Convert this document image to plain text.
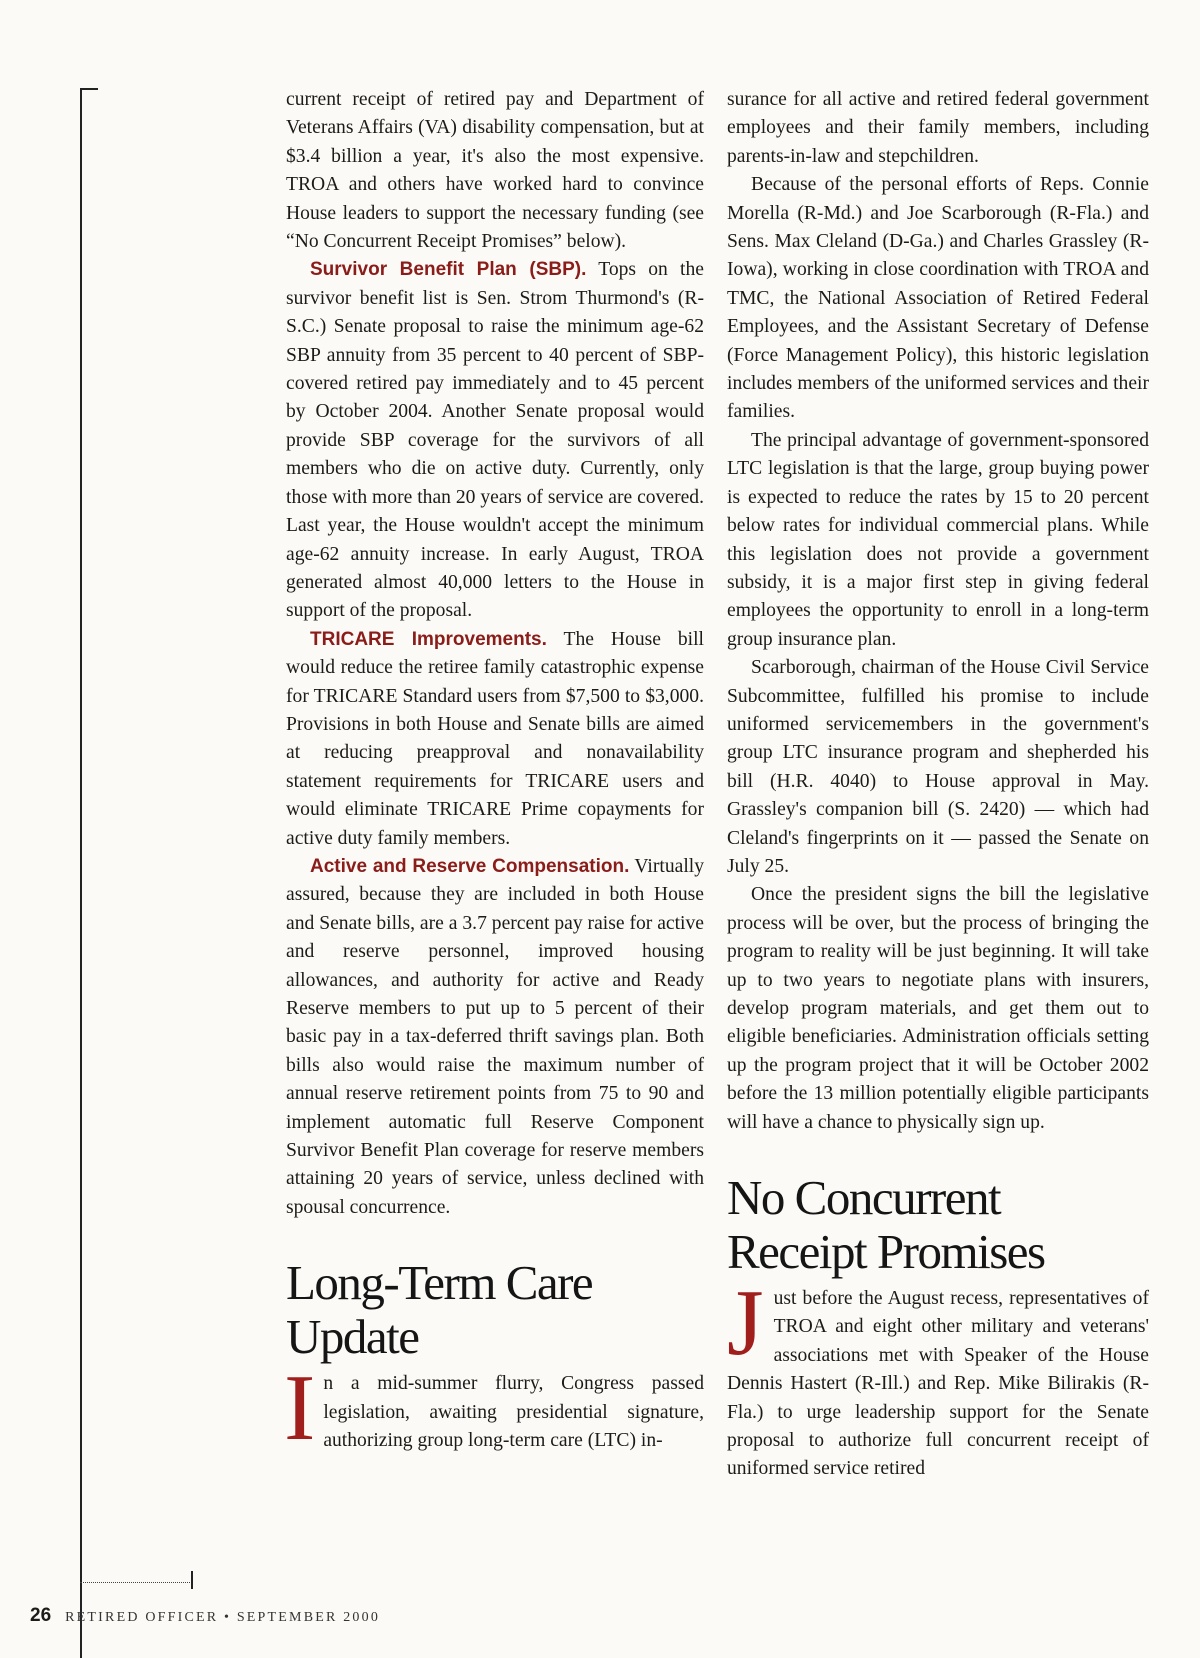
current receipt of retired pay and Department of Veterans Affairs (VA) disability compensation, but at $3.4 billion a year, it's also the most expensive. TROA and others have worked hard to convince House leaders to support the necessary funding (see “No Concurrent Receipt Promises” below).

Survivor Benefit Plan (SBP). Tops on the survivor benefit list is Sen. Strom Thurmond's (R-S.C.) Senate proposal to raise the minimum age-62 SBP annuity from 35 percent to 40 percent of SBP-covered retired pay immediately and to 45 percent by October 2004. Another Senate proposal would provide SBP coverage for the survivors of all members who die on active duty. Currently, only those with more than 20 years of service are covered. Last year, the House wouldn't accept the minimum age-62 annuity increase. In early August, TROA generated almost 40,000 letters to the House in support of the proposal.

TRICARE Improvements. The House bill would reduce the retiree family catastrophic expense for TRICARE Standard users from $7,500 to $3,000. Provisions in both House and Senate bills are aimed at reducing preapproval and nonavailability statement requirements for TRICARE users and would eliminate TRICARE Prime copayments for active duty family members.

Active and Reserve Compensation. Virtually assured, because they are included in both House and Senate bills, are a 3.7 percent pay raise for active and reserve personnel, improved housing allowances, and authority for active and Ready Reserve members to put up to 5 percent of their basic pay in a tax-deferred thrift savings plan. Both bills also would raise the maximum number of annual reserve retirement points from 75 to 90 and implement automatic full Reserve Component Survivor Benefit Plan coverage for reserve members attaining 20 years of service, unless declined with spousal concurrence.

Long-Term Care
Update

In a mid-summer flurry, Congress passed legislation, awaiting presidential signature, authorizing group long-term care (LTC) in-

surance for all active and retired federal government employees and their family members, including parents-in-law and stepchildren.

Because of the personal efforts of Reps. Connie Morella (R-Md.) and Joe Scarborough (R-Fla.) and Sens. Max Cleland (D-Ga.) and Charles Grassley (R-Iowa), working in close coordination with TROA and TMC, the National Association of Retired Federal Employees, and the Assistant Secretary of Defense (Force Management Policy), this historic legislation includes members of the uniformed services and their families.

The principal advantage of government-sponsored LTC legislation is that the large, group buying power is expected to reduce the rates by 15 to 20 percent below rates for individual commercial plans. While this legislation does not provide a government subsidy, it is a major first step in giving federal employees the opportunity to enroll in a long-term group insurance plan.

Scarborough, chairman of the House Civil Service Subcommittee, fulfilled his promise to include uniformed servicemembers in the government's group LTC insurance program and shepherded his bill (H.R. 4040) to House approval in May. Grassley's companion bill (S. 2420) — which had Cleland's fingerprints on it — passed the Senate on July 25.

Once the president signs the bill the legislative process will be over, but the process of bringing the program to reality will be just beginning. It will take up to two years to negotiate plans with insurers, develop program materials, and get them out to eligible beneficiaries. Administration officials setting up the program project that it will be October 2002 before the 13 million potentially eligible participants will have a chance to physically sign up.

No Concurrent
Receipt Promises

Just before the August recess, representatives of TROA and eight other military and veterans' associations met with Speaker of the House Dennis Hastert (R-Ill.) and Rep. Mike Bilirakis (R-Fla.) to urge leadership support for the Senate proposal to authorize full concurrent receipt of uniformed service retired

26 RETIRED OFFICER • SEPTEMBER 2000
